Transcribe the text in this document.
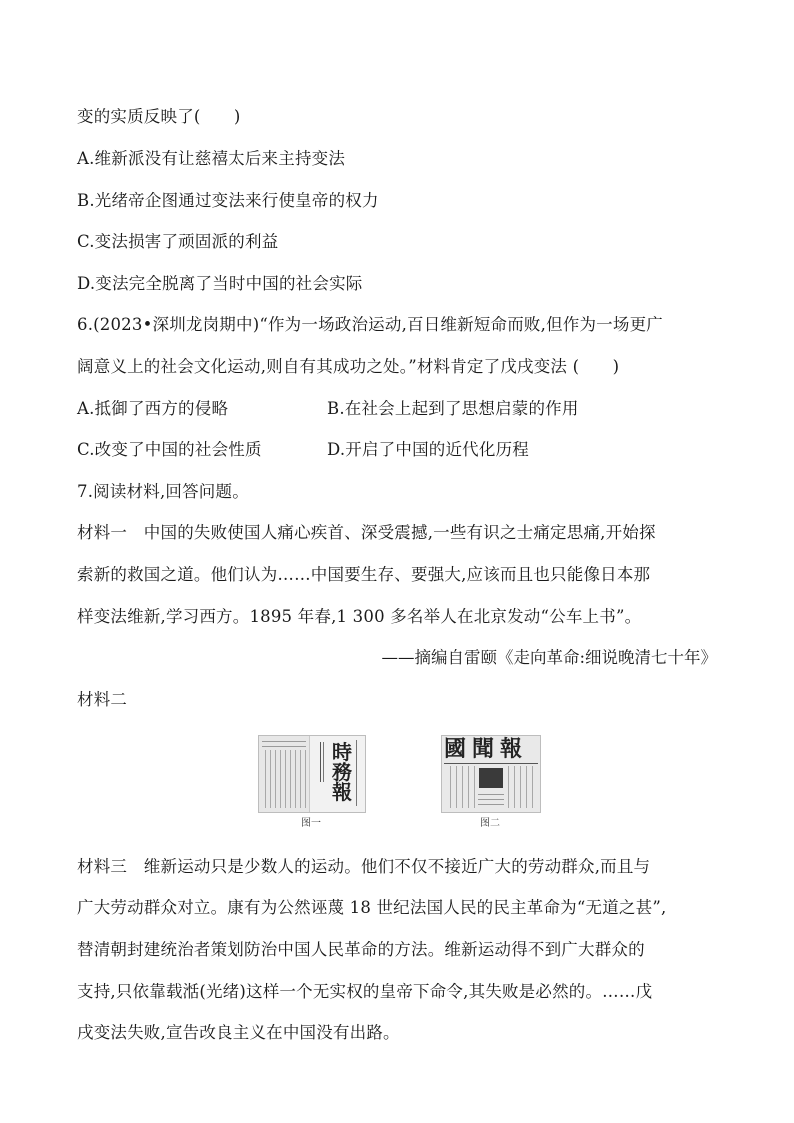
变的实质反映了(　　)
A.维新派没有让慈禧太后来主持变法
B.光绪帝企图通过变法来行使皇帝的权力
C.变法损害了顽固派的利益
D.变法完全脱离了当时中国的社会实际
6.(2023•深圳龙岗期中)“作为一场政治运动,百日维新短命而败,但作为一场更广
阔意义上的社会文化运动,则自有其成功之处。”材料肯定了戊戌变法 (　　)
A.抵御了西方的侵略	B.在社会上起到了思想启蒙的作用
C.改变了中国的社会性质	D.开启了中国的近代化历程
7.阅读材料,回答问题。
材料一　中国的失败使国人痛心疾首、深受震撼,一些有识之士痛定思痛,开始探
索新的救国之道。他们认为……中国要生存、要强大,应该而且也只能像日本那
样变法维新,学习西方。1895 年春,1 300 多名举人在北京发动“公车上书”。
——摘编自雷颐《走向革命:细说晚清七十年》
材料二
時務報
图一
國聞報
图二
材料三　维新运动只是少数人的运动。他们不仅不接近广大的劳动群众,而且与
广大劳动群众对立。康有为公然诬蔑 18 世纪法国人民的民主革命为“无道之甚”,
替清朝封建统治者策划防治中国人民革命的方法。维新运动得不到广大群众的
支持,只依靠载湉(光绪)这样一个无实权的皇帝下命令,其失败是必然的。……戊
戌变法失败,宣告改良主义在中国没有出路。
